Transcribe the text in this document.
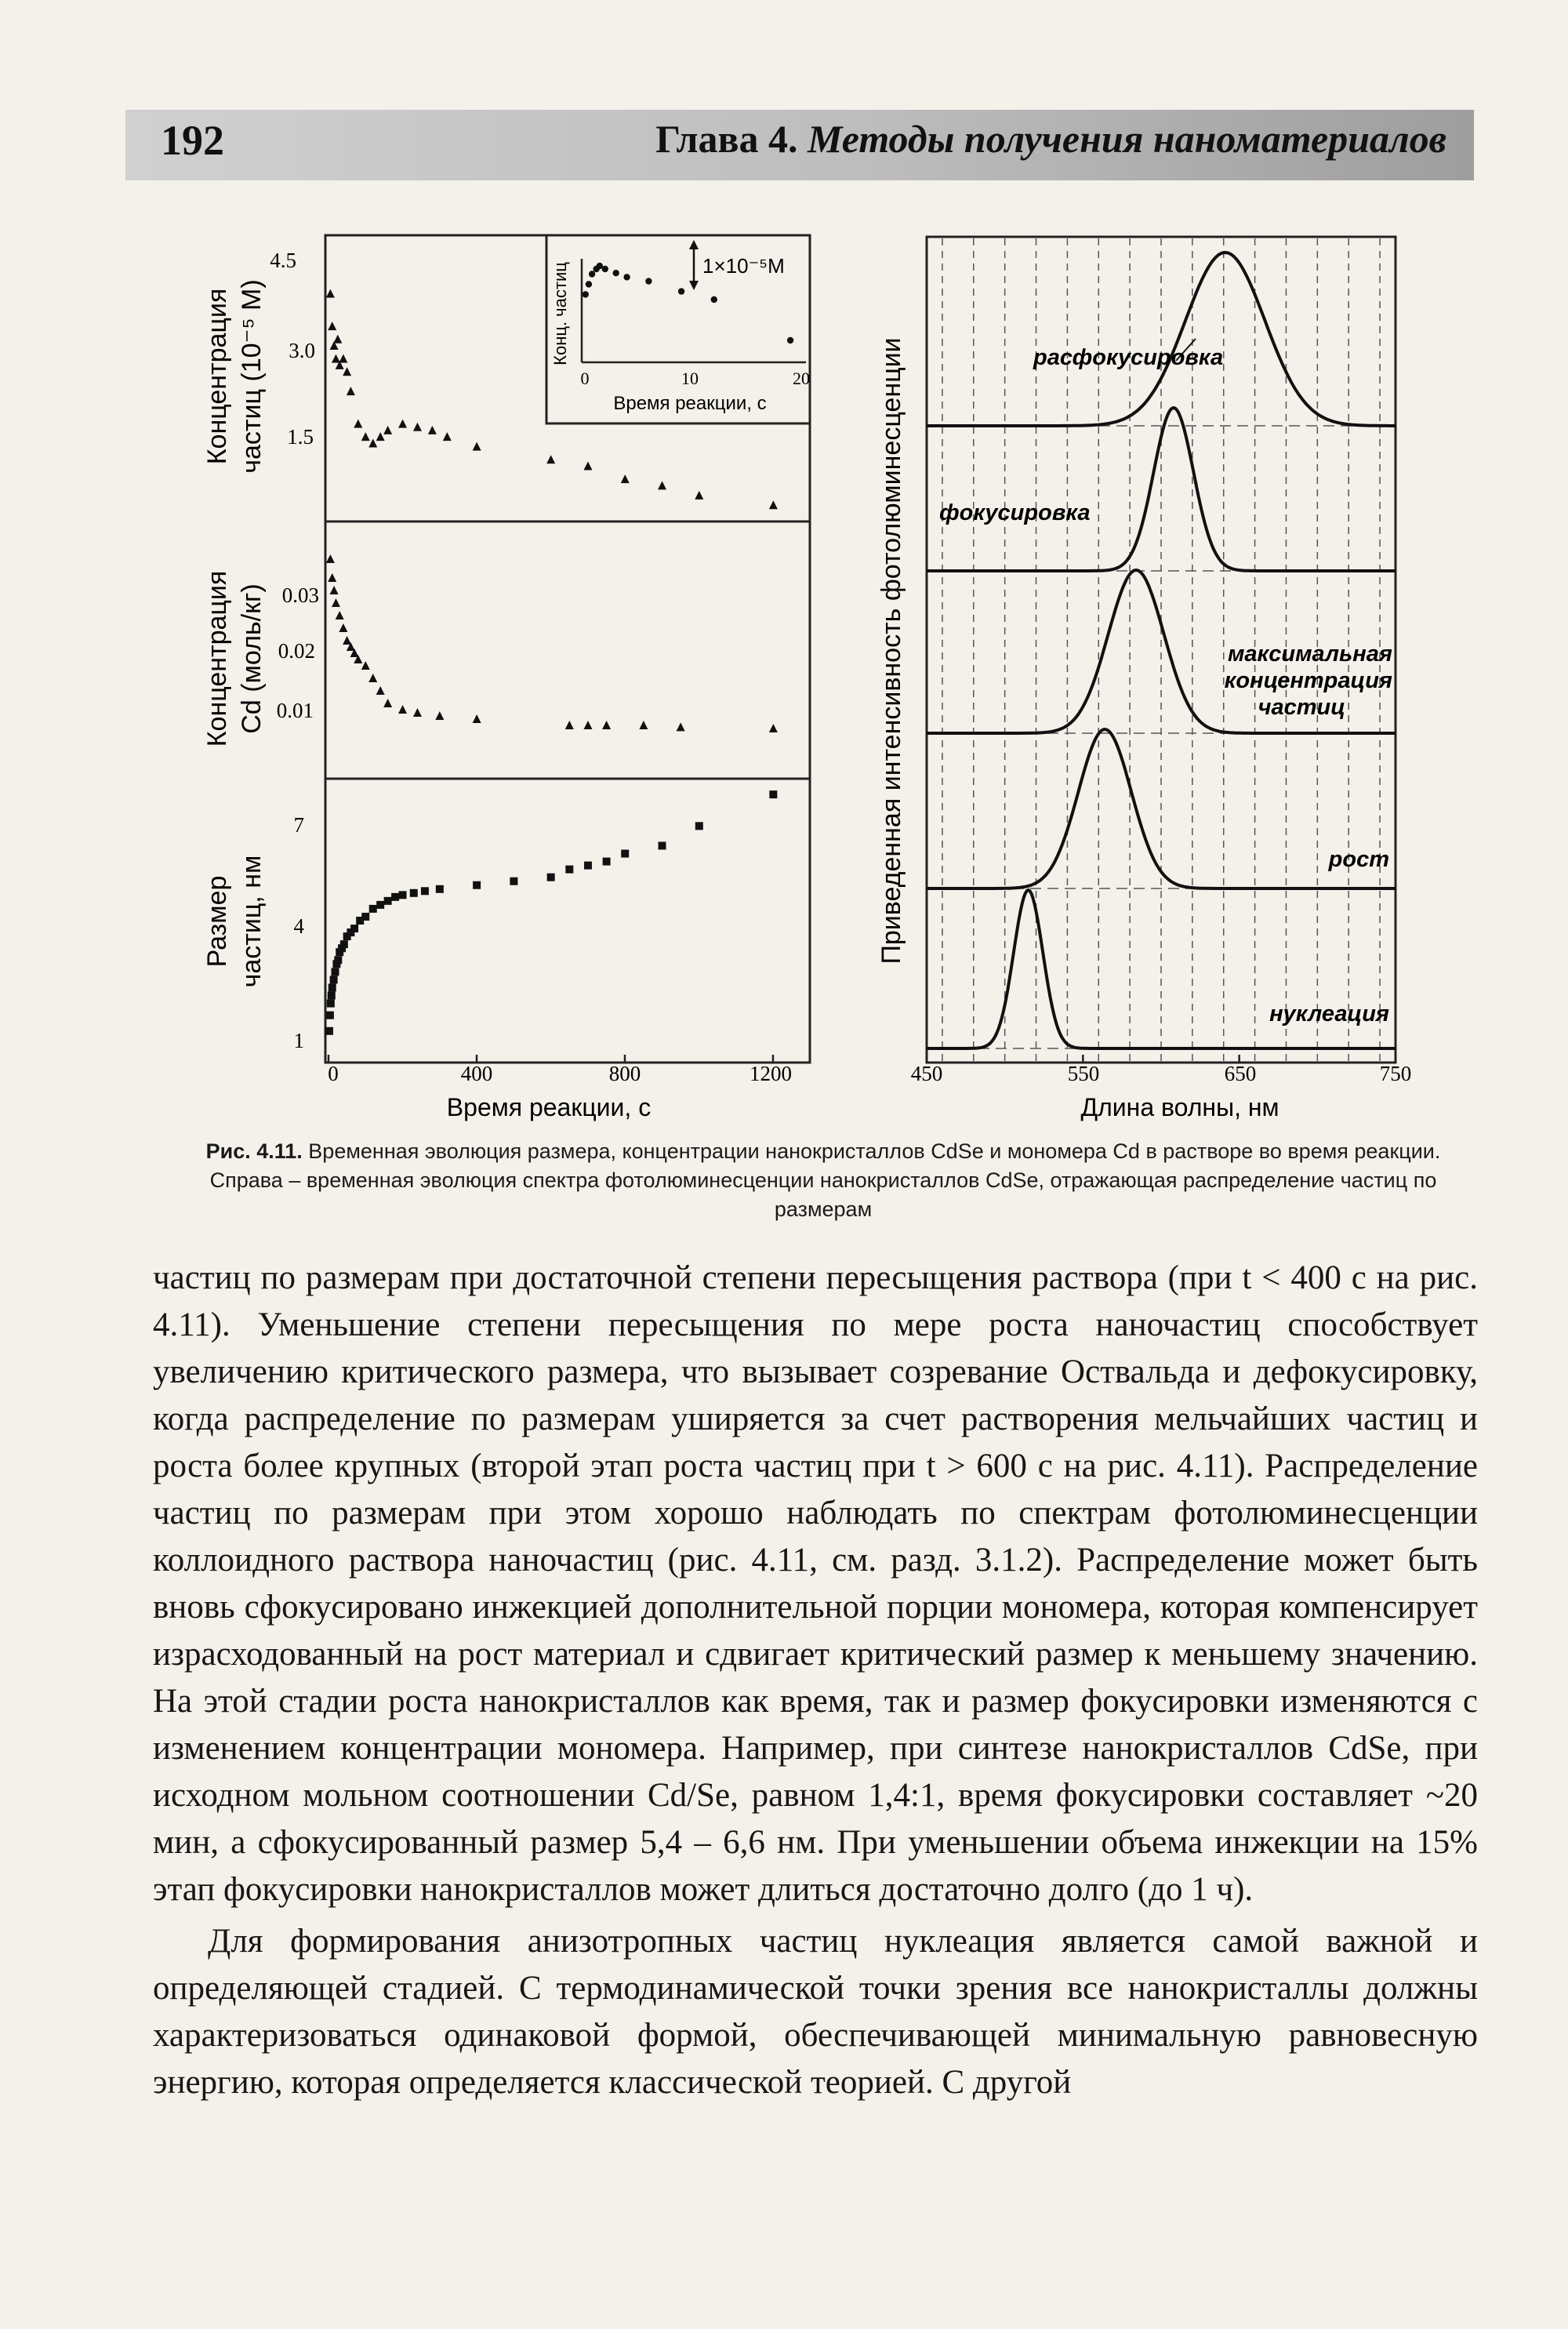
192	Глава 4. Методы получения наноматериалов
4.5
3.0
1.5
0.03
0.02
0.01
7
4
1
0	400	800	1200
Время реакции, с
Концентрация частиц (10⁻⁵ М)
Концентрация Cd (моль/кг)
Размер частиц, нм
Конц. частиц
0	10	20
Время реакции, с
1×10⁻⁵М
расфокусировка
фокусировка
максимальная
концентрация
частиц
рост
нуклеация
450	550	650	750
Длина волны, нм
Приведенная интенсивность фотолюминесценции
Рис. 4.11. Временная эволюция размера, концентрации нанокристаллов CdSe и мономера Cd в растворе во время реакции. Справа – временная эволюция спектра фотолюминесценции нанокристаллов CdSe, отражающая распределение частиц по размерам

частиц по размерам при достаточной степени пересыщения раствора (при t < 400 с на рис. 4.11). Уменьшение степени пересыщения по мере роста наночастиц способствует увеличению критического размера, что вызывает созревание Оствальда и дефокусировку, когда распределение по размерам уширяется за счет растворения мельчайших частиц и роста более крупных (второй этап роста частиц при t > 600 с на рис. 4.11). Распределение частиц по размерам при этом хорошо наблюдать по спектрам фотолюминесценции коллоидного раствора наночастиц (рис. 4.11, см. разд. 3.1.2). Распределение может быть вновь сфокусировано инжекцией дополнительной порции мономера, которая компенсирует израсходованный на рост материал и сдвигает критический размер к меньшему значению. На этой стадии роста нанокристаллов как время, так и размер фокусировки изменяются с изменением концентрации мономера. Например, при синтезе нанокристаллов CdSe, при исходном мольном соотношении Cd/Se, равном 1,4:1, время фокусировки составляет ~20 мин, а сфокусированный размер 5,4 – 6,6 нм. При уменьшении объема инжекции на 15% этап фокусировки нанокристаллов может длиться достаточно долго (до 1 ч).

Для формирования анизотропных частиц нуклеация является самой важной и определяющей стадией. С термодинамической точки зрения все нанокристаллы должны характеризоваться одинаковой формой, обеспечивающей минимальную равновесную энергию, которая определяется классической теорией. С другой
